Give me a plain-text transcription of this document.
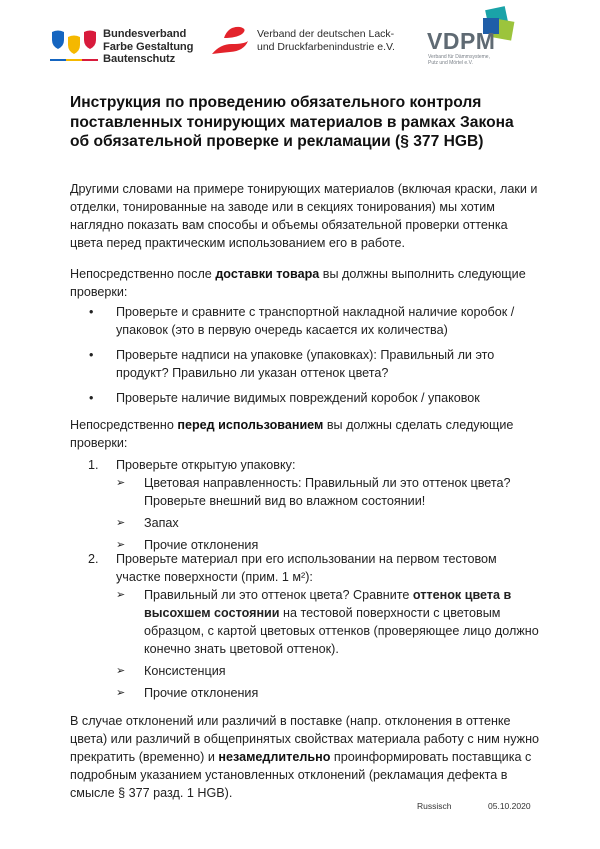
Bundesverband
Farbe Gestaltung
Bautenschutz
Verband der deutschen Lack-
und Druckfarbenindustrie e.V. VDPM
Verband für Dämmsysteme,
Putz und Mörtel e.V.
Инструкция по проведению обязательного контроля поставленных тонирующих материалов в рамках Закона об обязательной проверке и рекламации (§ 377 HGB)
Другими словами на примере тонирующих материалов (включая краски, лаки и отделки, тонированные на заводе или в секциях тонирования) мы хотим наглядно показать вам способы и объемы обязательной проверки оттенка цвета перед практическим использованием его в работе.
Непосредственно после доставки товара вы должны выполнить следующие проверки:
• Проверьте и сравните с транспортной накладной наличие коробок / упаковок (это в первую очередь касается их количества)
• Проверьте надписи на упаковке (упаковках): Правильный ли это продукт? Правильно ли указан оттенок цвета?
• Проверьте наличие видимых повреждений коробок / упаковок
Непосредственно перед использованием вы должны сделать следующие проверки:
1.	Проверьте открытую упаковку:
➢ Цветовая направленность: Правильный ли это оттенок цвета? Проверьте внешний вид во влажном состоянии!
➢ Запах
➢ Прочие отклонения
2.	Проверьте материал при его использовании на первом тестовом участке поверхности (прим. 1 м²):
➢ Правильный ли это оттенок цвета? Сравните оттенок цвета в высохшем состоянии на тестовой поверхности с цветовым образцом, с картой цветовых оттенков (проверяющее лицо должно конечно знать цветовой оттенок).
➢ Консистенция
➢ Прочие отклонения
В случае отклонений или различий в поставке (напр. отклонения в оттенке цвета) или различий в общепринятых свойствах материала работу с ним нужно прекратить (временно) и незамедлительно проинформировать поставщика с подробным указанием установленных отклонений (рекламация дефекта в смысле § 377 разд. 1 HGB).
Russisch	05.10.2020
